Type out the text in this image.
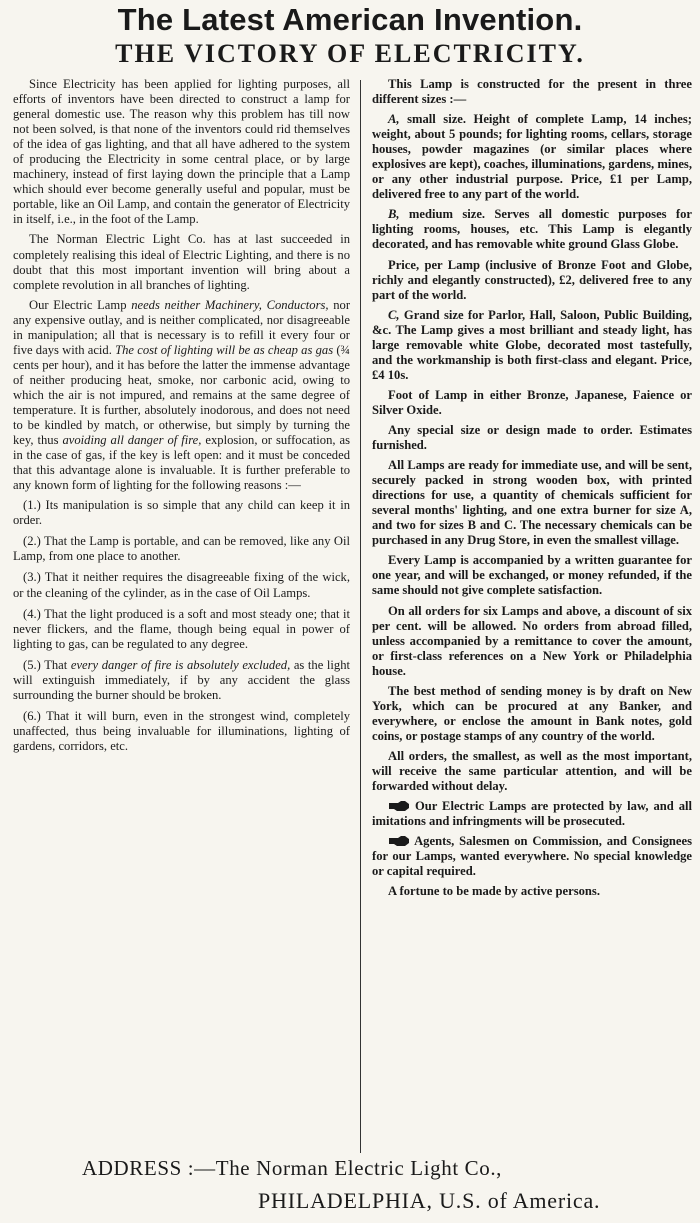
The Latest American Invention.
THE VICTORY OF ELECTRICITY.

Since Electricity has been applied for lighting purposes, all efforts of inventors have been directed to construct a lamp for general domestic use. The reason why this problem has till now not been solved, is that none of the inventors could rid themselves of the idea of gas lighting, and that all have adhered to the system of producing the Electricity in some central place, or by large machinery, instead of first laying down the principle that a Lamp which should ever become generally useful and popular, must be portable, like an Oil Lamp, and contain the generator of Electricity in itself, i.e., in the foot of the Lamp.

The Norman Electric Light Co. has at last succeeded in completely realising this ideal of Electric Lighting, and there is no doubt that this most important invention will bring about a complete revolution in all branches of lighting.

Our Electric Lamp needs neither Machinery, Conductors, nor any expensive outlay, and is neither complicated, nor disagreeable in manipulation; all that is necessary is to refill it every four or five days with acid. The cost of lighting will be as cheap as gas (¾ cents per hour), and it has before the latter the immense advantage of neither producing heat, smoke, nor carbonic acid, owing to which the air is not impured, and remains at the same degree of temperature. It is further, absolutely inodorous, and does not need to be kindled by match, or otherwise, but simply by turning the key, thus avoiding all danger of fire, explosion, or suffocation, as in the case of gas, if the key is left open: and it must be conceded that this advantage alone is invaluable. It is further preferable to any known form of lighting for the following reasons :—

(1.) Its manipulation is so simple that any child can keep it in order.

(2.) That the Lamp is portable, and can be removed, like any Oil Lamp, from one place to another.

(3.) That it neither requires the disagreeable fixing of the wick, or the cleaning of the cylinder, as in the case of Oil Lamps.

(4.) That the light produced is a soft and most steady one; that it never flickers, and the flame, though being equal in power of lighting to gas, can be regulated to any degree.

(5.) That every danger of fire is absolutely excluded, as the light will extinguish immediately, if by any accident the glass surrounding the burner should be broken.

(6.) That it will burn, even in the strongest wind, completely unaffected, thus being invaluable for illuminations, lighting of gardens, corridors, etc.

This Lamp is constructed for the present in three different sizes :—

A, small size. Height of complete Lamp, 14 inches; weight, about 5 pounds; for lighting rooms, cellars, storage houses, powder magazines (or similar places where explosives are kept), coaches, illuminations, gardens, mines, or any other industrial purpose. Price, £1 per Lamp, delivered free to any part of the world.

B, medium size. Serves all domestic purposes for lighting rooms, houses, etc. This Lamp is elegantly decorated, and has removable white ground Glass Globe.

Price, per Lamp (inclusive of Bronze Foot and Globe, richly and elegantly constructed), £2, delivered free to any part of the world.

C, Grand size for Parlor, Hall, Saloon, Public Building, &c. The Lamp gives a most brilliant and steady light, has large removable white Globe, decorated most tastefully, and the workmanship is both first-class and elegant. Price, £4 10s.

Foot of Lamp in either Bronze, Japanese, Faience or Silver Oxide.

Any special size or design made to order. Estimates furnished.

All Lamps are ready for immediate use, and will be sent, securely packed in strong wooden box, with printed directions for use, a quantity of chemicals sufficient for several months' lighting, and one extra burner for size A, and two for sizes B and C. The necessary chemicals can be purchased in any Drug Store, in even the smallest village.

Every Lamp is accompanied by a written guarantee for one year, and will be exchanged, or money refunded, if the same should not give complete satisfaction.

On all orders for six Lamps and above, a discount of six per cent. will be allowed. No orders from abroad filled, unless accompanied by a remittance to cover the amount, or first-class references on a New York or Philadelphia house.

The best method of sending money is by draft on New York, which can be procured at any Banker, and everywhere, or enclose the amount in Bank notes, gold coins, or postage stamps of any country of the world.

All orders, the smallest, as well as the most important, will receive the same particular attention, and will be forwarded without delay.

Our Electric Lamps are protected by law, and all imitations and infringments will be prosecuted.

Agents, Salesmen on Commission, and Consignees for our Lamps, wanted everywhere. No special knowledge or capital required.

A fortune to be made by active persons.

ADDRESS :—The Norman Electric Light Co.,
PHILADELPHIA, U.S. of America.
